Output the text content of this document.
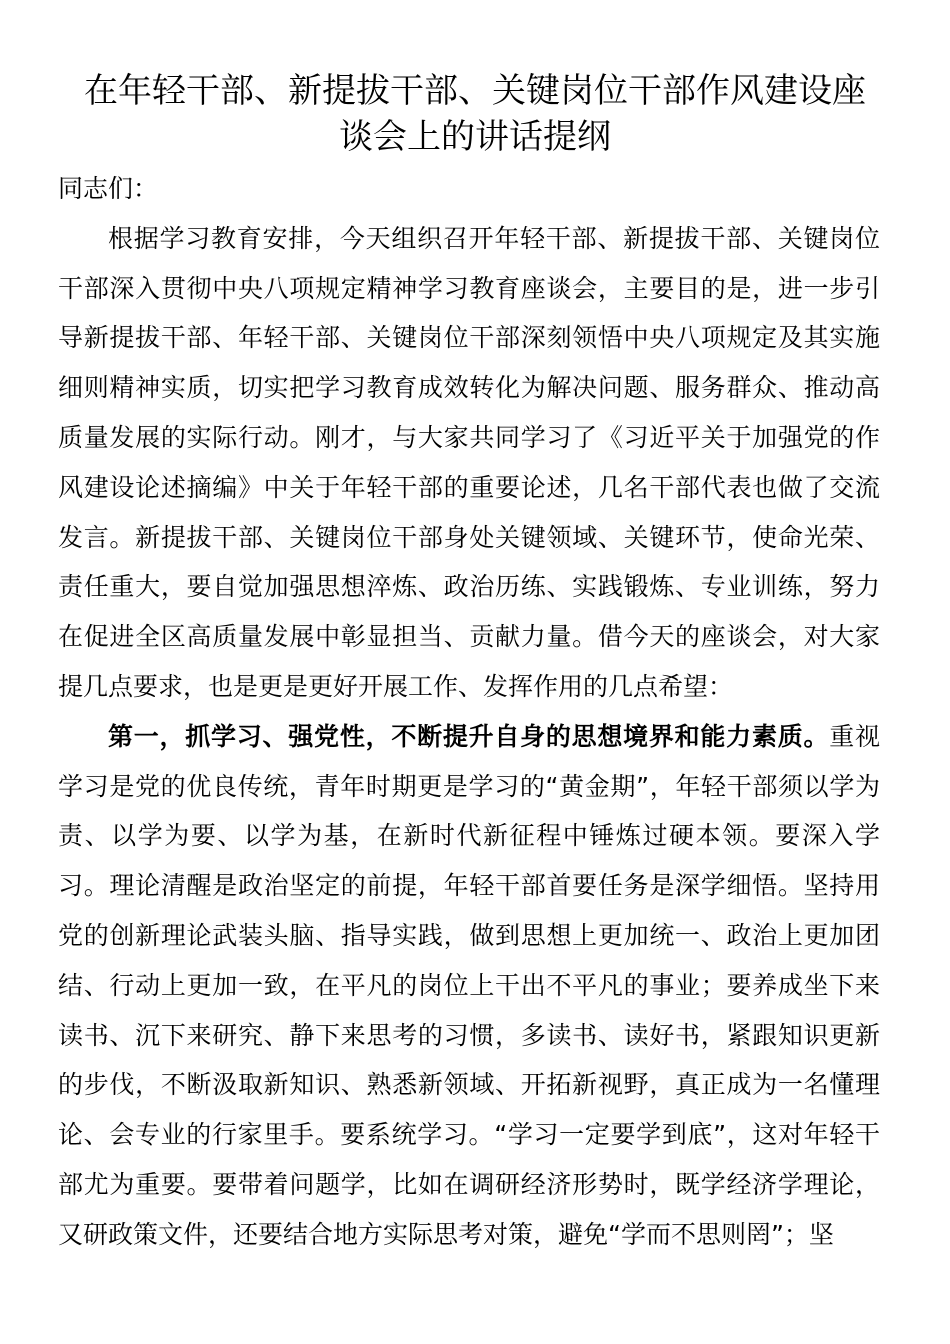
在年轻干部、新提拔干部、关键岗位干部作风建设座
谈会上的讲话提纲

同志们：

根据学习教育安排，今天组织召开年轻干部、新提拔干部、关键岗位干部深入贯彻中央八项规定精神学习教育座谈会，主要目的是，进一步引导新提拔干部、年轻干部、关键岗位干部深刻领悟中央八项规定及其实施细则精神实质，切实把学习教育成效转化为解决问题、服务群众、推动高质量发展的实际行动。刚才，与大家共同学习了《习近平关于加强党的作风建设论述摘编》中关于年轻干部的重要论述，几名干部代表也做了交流发言。新提拔干部、关键岗位干部身处关键领域、关键环节，使命光荣、责任重大，要自觉加强思想淬炼、政治历练、实践锻炼、专业训练，努力在促进全区高质量发展中彰显担当、贡献力量。借今天的座谈会，对大家提几点要求，也是更是更好开展工作、发挥作用的几点希望：

第一，抓学习、强党性，不断提升自身的思想境界和能力素质。重视学习是党的优良传统，青年时期更是学习的“黄金期”，年轻干部须以学为责、以学为要、以学为基，在新时代新征程中锤炼过硬本领。要深入学习。理论清醒是政治坚定的前提，年轻干部首要任务是深学细悟。坚持用党的创新理论武装头脑、指导实践，做到思想上更加统一、政治上更加团结、行动上更加一致，在平凡的岗位上干出不平凡的事业；要养成坐下来读书、沉下来研究、静下来思考的习惯，多读书、读好书，紧跟知识更新的步伐，不断汲取新知识、熟悉新领域、开拓新视野，真正成为一名懂理论、会专业的行家里手。要系统学习。“学习一定要学到底”，这对年轻干部尤为重要。要带着问题学，比如在调研经济形势时，既学经济学理论，又研政策文件，还要结合地方实际思考对策，避免“学而不思则罔”；坚
